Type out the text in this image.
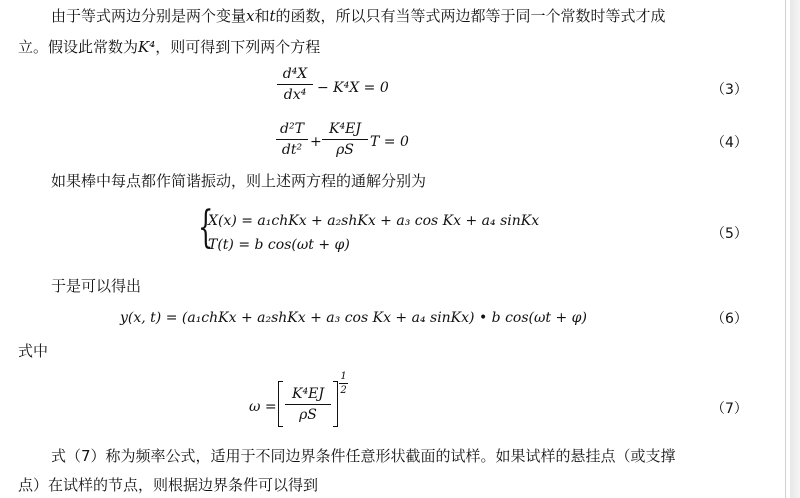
由于等式两边分别是两个变量x和t的函数，所以只有当等式两边都等于同一个常数时等式才成
立。假设此常数为K⁴，则可得到下列两个方程
d⁴X
dx⁴ − K⁴X = 0	（3）
d²T
dt² +
K⁴EJ
ρS	T = 0	（4）
如果棒中每点都作简谐振动，则上述两方程的通解分别为
{
X(x) = a₁chKx + a₂shKx + a₃ cos Kx + a₄ sinKx
T(t) = b cos(ωt + φ)
（5）
于是可以得出
y(x, t) = (a₁chKx + a₂shKx + a₃ cos Kx + a₄ sinKx) • b cos(ωt + φ)	（6）
式中
ω =
K⁴EJ
ρS
1
2
（7）
式（7）称为频率公式，适用于不同边界条件任意形状截面的试样。如果试样的悬挂点（或支撑
点）在试样的节点，则根据边界条件可以得到
